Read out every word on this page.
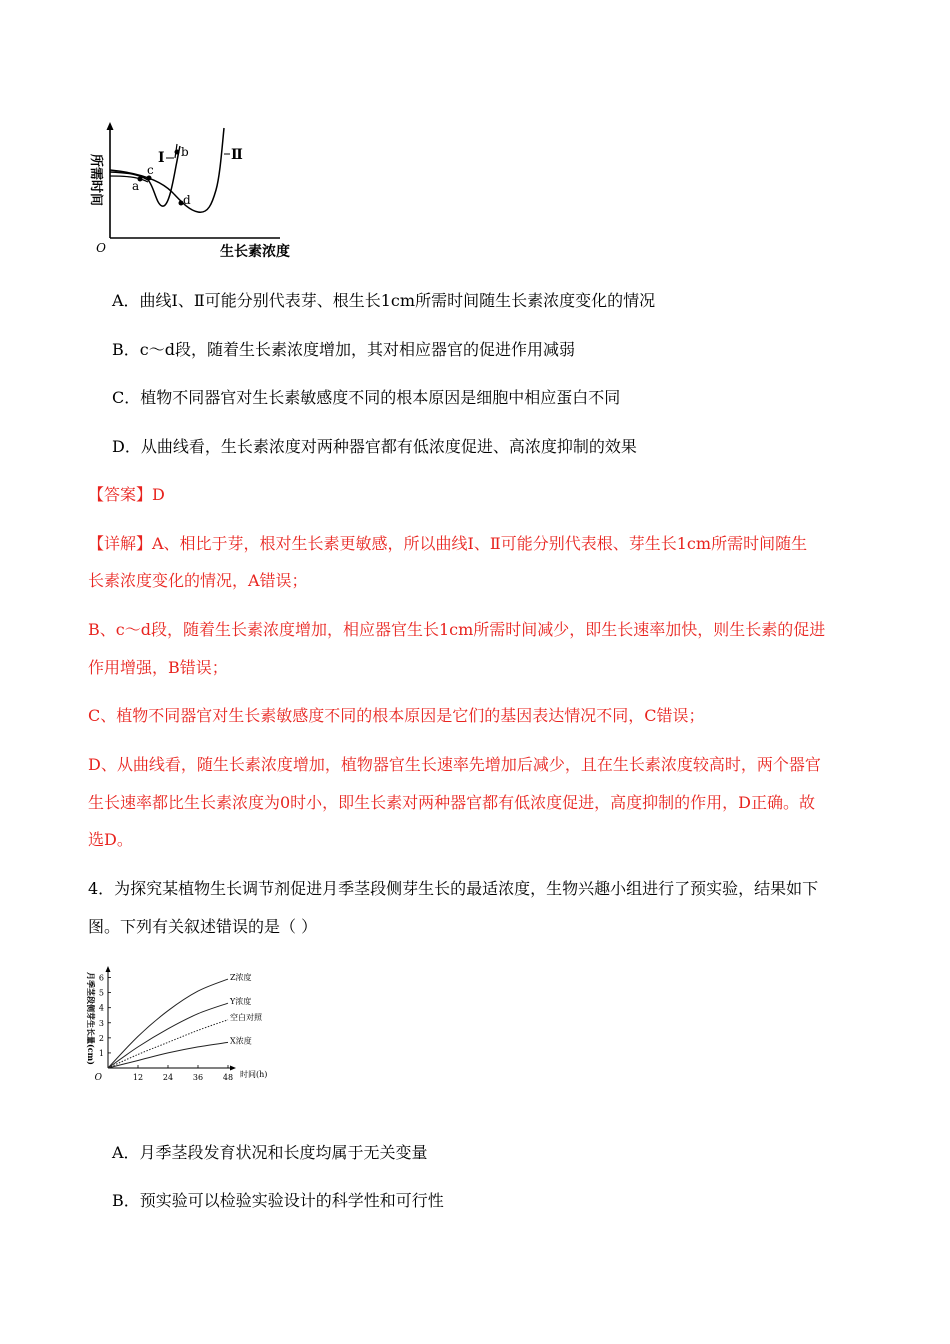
O	生长素浓度
所需时间 a
c
b
d
Ⅰ	Ⅱ
A．曲线Ⅰ、Ⅱ可能分别代表芽、根生长1cm所需时间随生长素浓度变化的情况
B．c～d段，随着生长素浓度增加，其对相应器官的促进作用减弱
C．植物不同器官对生长素敏感度不同的根本原因是细胞中相应蛋白不同
D．从曲线看，生长素浓度对两种器官都有低浓度促进、高浓度抑制的效果
【答案】D
【详解】A、相比于芽，根对生长素更敏感，所以曲线Ⅰ、Ⅱ可能分别代表根、芽生长1cm所需时间随生
长素浓度变化的情况，A错误；
B、c～d段，随着生长素浓度增加，相应器官生长1cm所需时间减少，即生长速率加快，则生长素的促进
作用增强，B错误；
C、植物不同器官对生长素敏感度不同的根本原因是它们的基因表达情况不同，C错误；
D、从曲线看，随生长素浓度增加，植物器官生长速率先增加后减少，且在生长素浓度较高时，两个器官
生长速率都比生长素浓度为0时小，即生长素对两种器官都有低浓度促进，高度抑制的作用，D正确。故
选D。
4．为探究某植物生长调节剂促进月季茎段侧芽生长的最适浓度，生物兴趣小组进行了预实验，结果如下
图。下列有关叙述错误的是（ ）
O	时间(h)
月季茎段侧芽生长量(cm) 1
2
3
4
5
6
12 24 36 48
Z浓度
Y浓度
空白对照
X浓度
A．月季茎段发育状况和长度均属于无关变量
B．预实验可以检验实验设计的科学性和可行性
